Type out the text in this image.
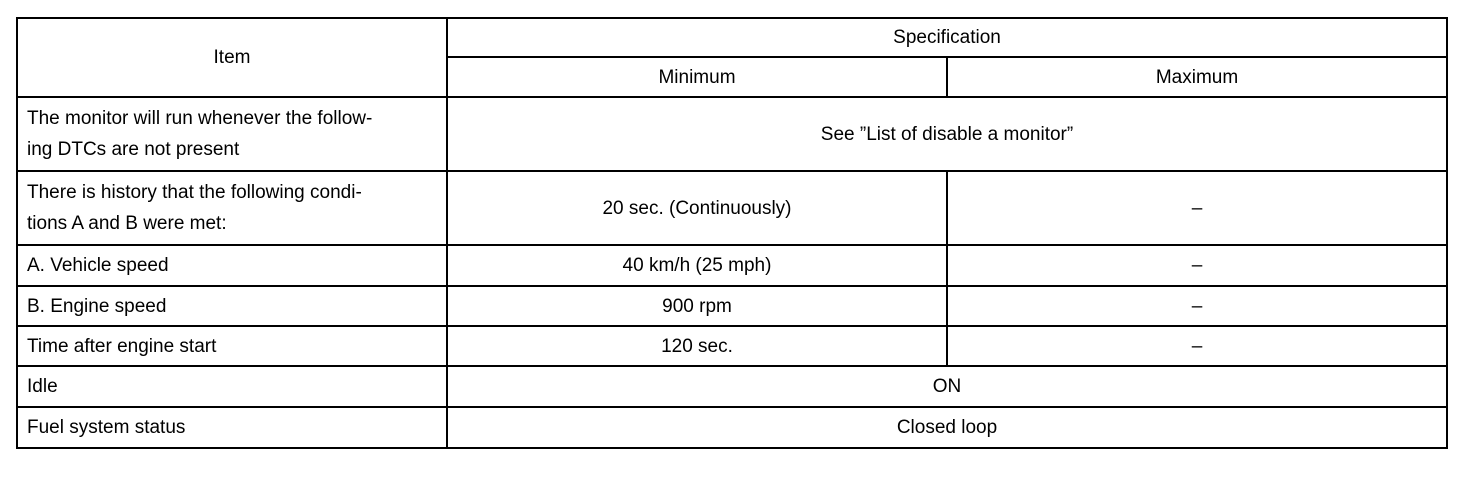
Item	Specification	
	Minimum	Maximum

The monitor will run whenever the follow-
ing DTCs are not present	See ”List of disable a monitor”	

There is history that the following condi-
tions A and B were met:	20 sec. (Continuously)	–
A. Vehicle speed	40 km/h (25 mph)	–
B. Engine speed	900 rpm	–
Time after engine start	120 sec.	–
Idle	ON	
Fuel system status	Closed loop	
